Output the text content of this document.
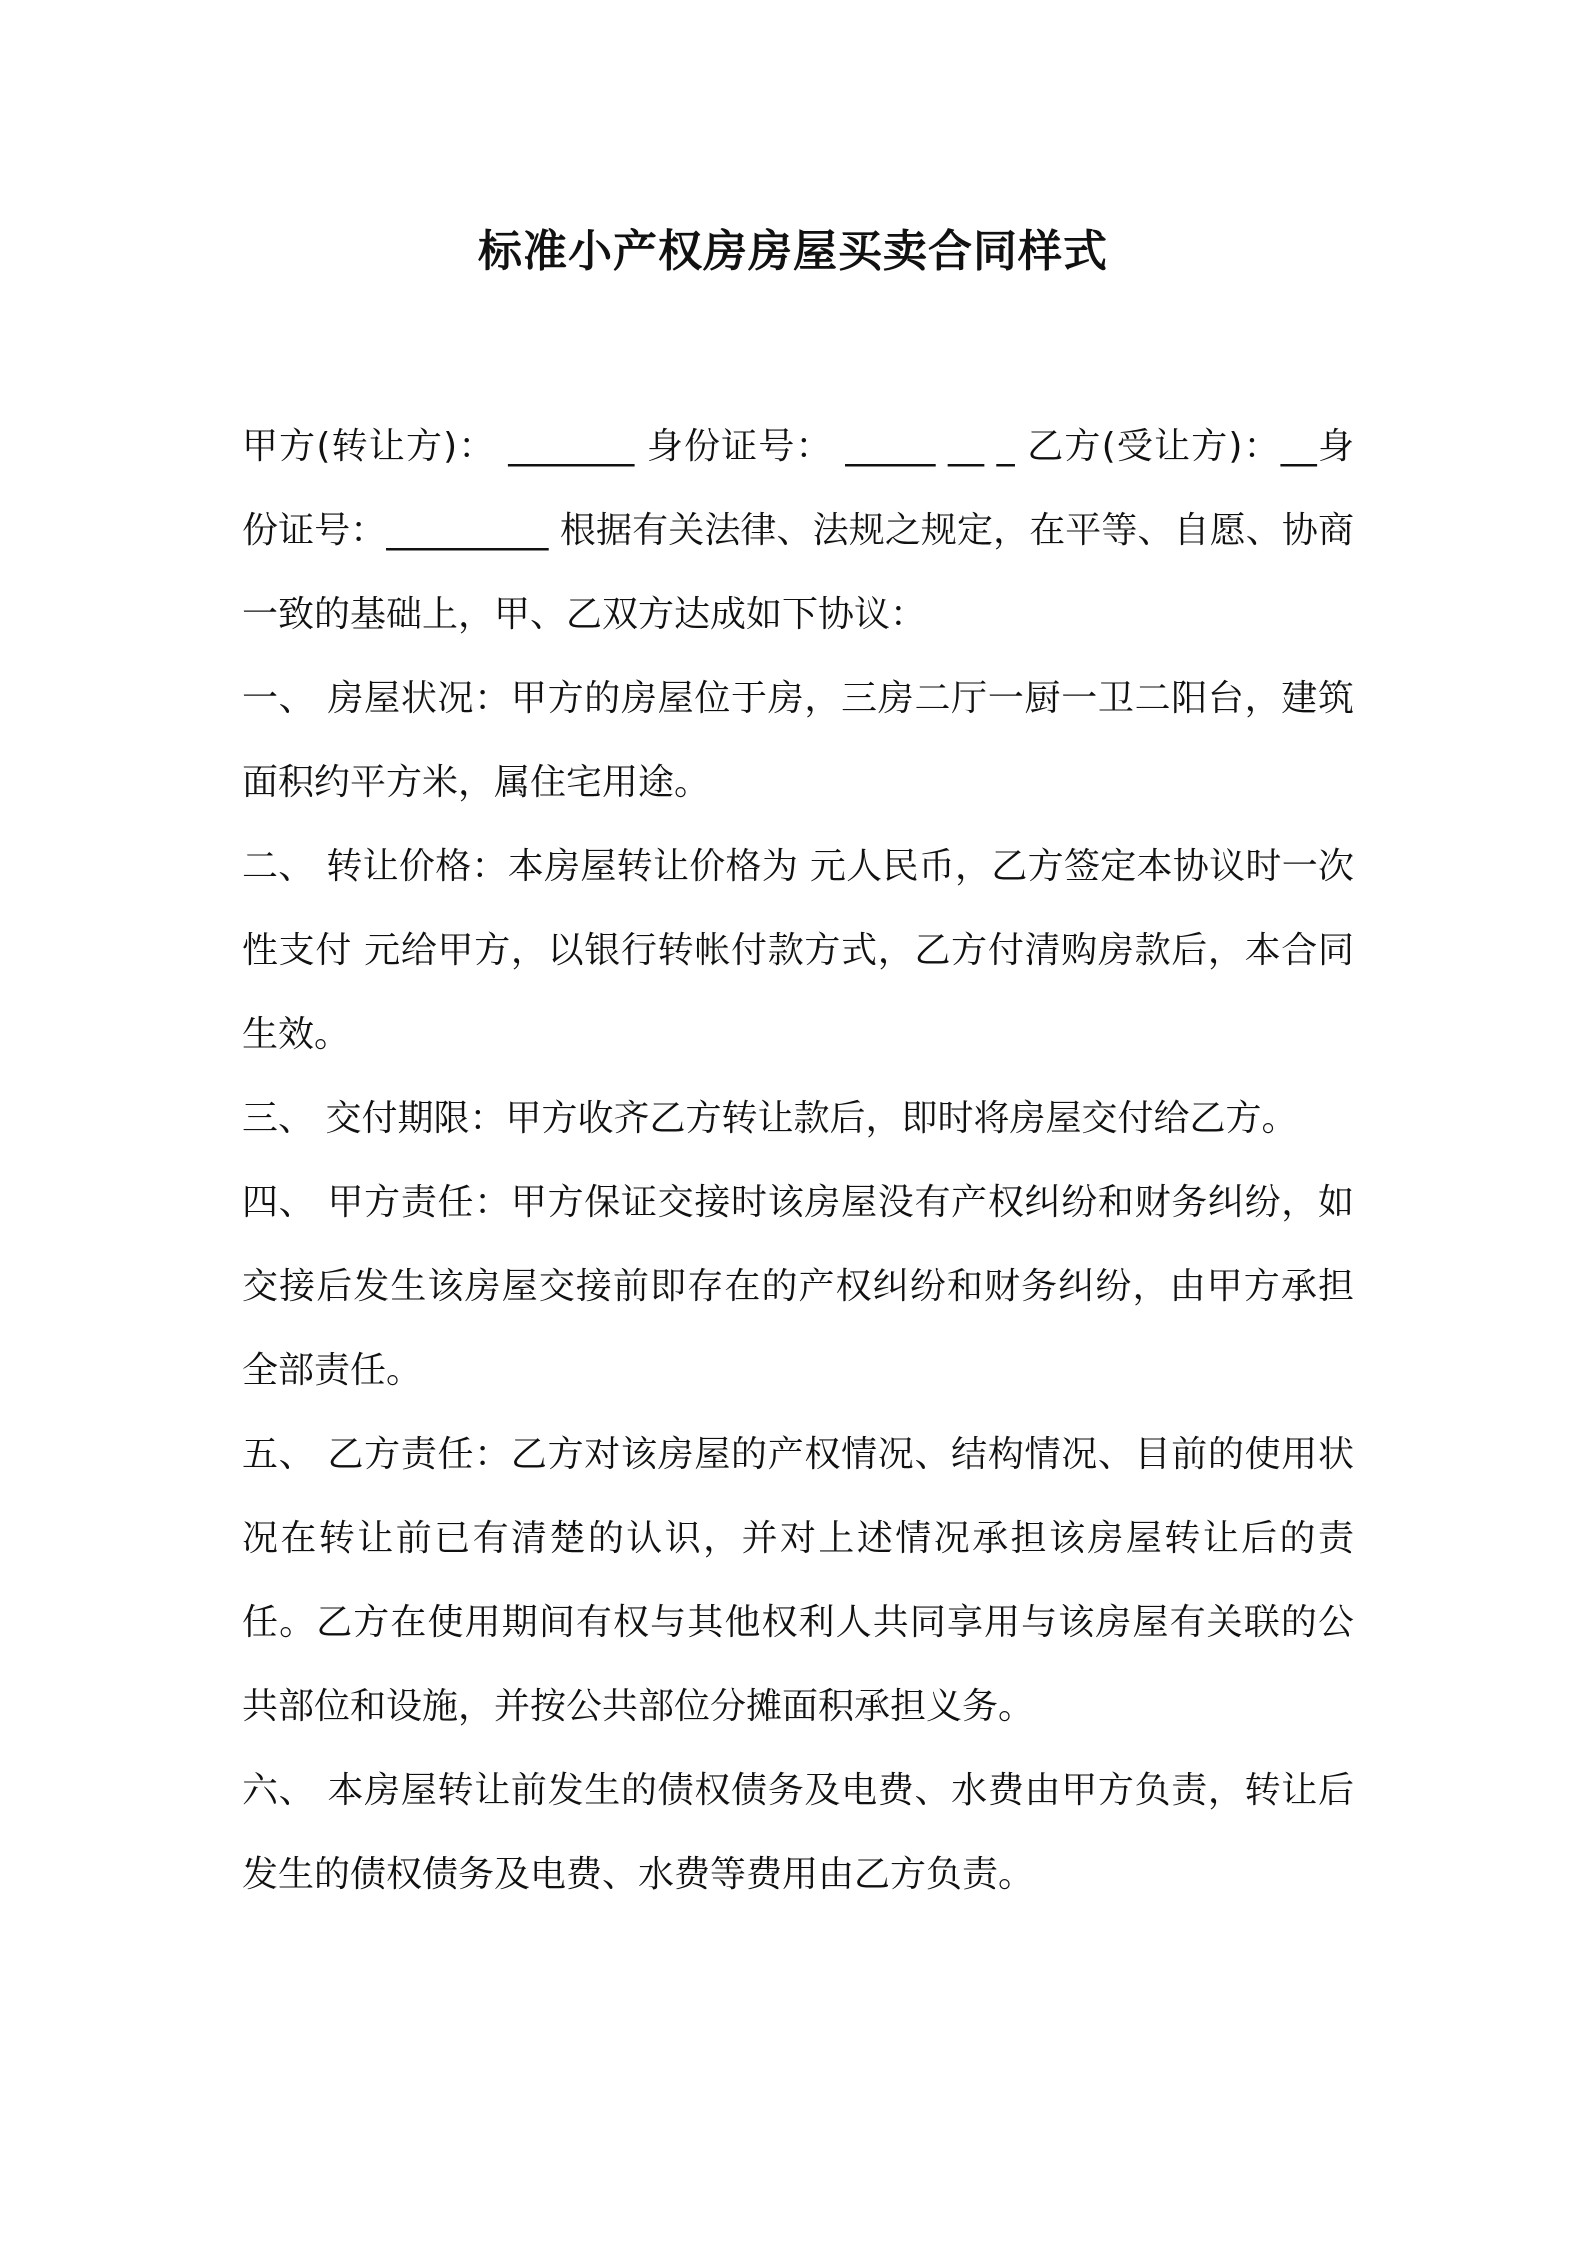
标准小产权房房屋买卖合同样式

甲方(转让方)： _______ 身份证号： _____ __ _ 乙方(受让方)：__身份证号：_________ 根据有关法律、法规之规定，在平等、自愿、协商一致的基础上，甲、乙双方达成如下协议：

一、 房屋状况：甲方的房屋位于房，三房二厅一厨一卫二阳台，建筑面积约平方米，属住宅用途。

二、 转让价格：本房屋转让价格为 元人民币，乙方签定本协议时一次性支付 元给甲方，以银行转帐付款方式，乙方付清购房款后，本合同生效。

三、 交付期限：甲方收齐乙方转让款后，即时将房屋交付给乙方。

四、 甲方责任：甲方保证交接时该房屋没有产权纠纷和财务纠纷，如交接后发生该房屋交接前即存在的产权纠纷和财务纠纷，由甲方承担全部责任。

五、 乙方责任：乙方对该房屋的产权情况、结构情况、目前的使用状况在转让前已有清楚的认识，并对上述情况承担该房屋转让后的责任。乙方在使用期间有权与其他权利人共同享用与该房屋有关联的公共部位和设施，并按公共部位分摊面积承担义务。

六、 本房屋转让前发生的债权债务及电费、水费由甲方负责，转让后发生的债权债务及电费、水费等费用由乙方负责。
